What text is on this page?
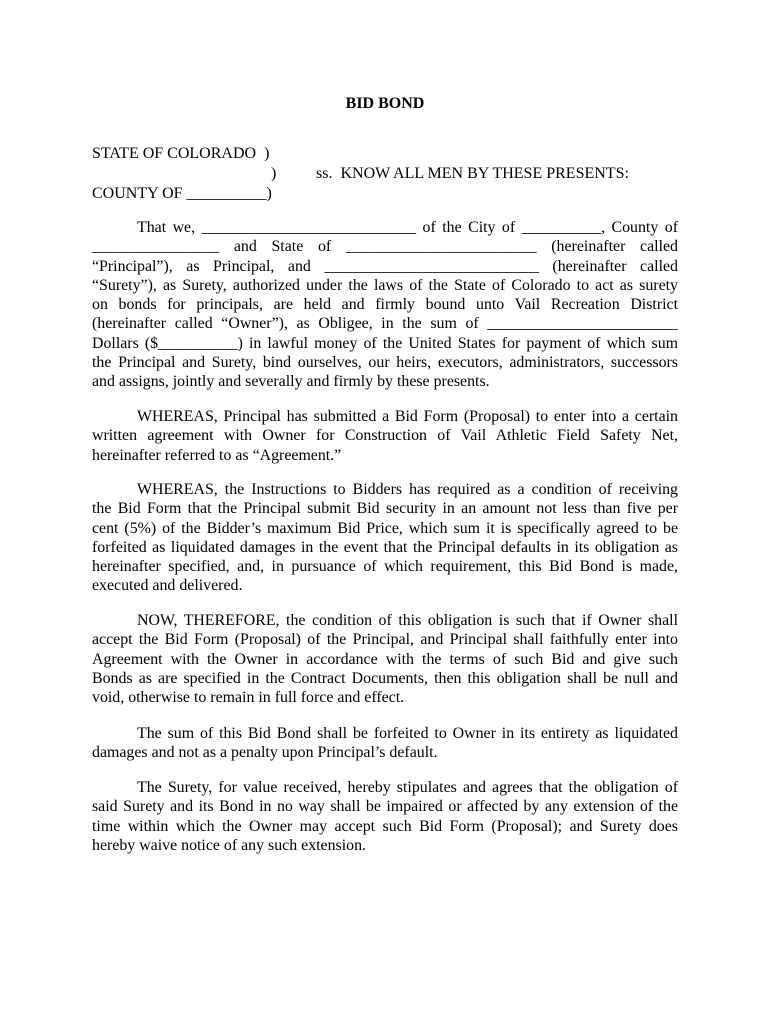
BID BOND
STATE OF COLORADO  )
) ss.  KNOW ALL MEN BY THESE PRESENTS:
COUNTY OF __________)
That we, ___________________________ of the City of __________, County of
________________ and State of ________________________ (hereinafter called
“Principal”), as Principal, and ___________________________ (hereinafter called
“Surety”), as Surety, authorized under the laws of the State of Colorado to act as surety
on bonds for principals, are held and firmly bound unto Vail Recreation District
(hereinafter called “Owner”), as Obligee, in the sum of ________________________
Dollars ($__________) in lawful money of the United States for payment of which sum
the Principal and Surety, bind ourselves, our heirs, executors, administrators, successors
and assigns, jointly and severally and firmly by these presents.
WHEREAS, Principal has submitted a Bid Form (Proposal) to enter into a certain
written agreement with Owner for Construction of Vail Athletic Field Safety Net,
hereinafter referred to as “Agreement.”
WHEREAS, the Instructions to Bidders has required as a condition of receiving
the Bid Form that the Principal submit Bid security in an amount not less than five per
cent (5%) of the Bidder’s maximum Bid Price, which sum it is specifically agreed to be
forfeited as liquidated damages in the event that the Principal defaults in its obligation as
hereinafter specified, and, in pursuance of which requirement, this Bid Bond is made,
executed and delivered.
NOW, THEREFORE, the condition of this obligation is such that if Owner shall
accept the Bid Form (Proposal) of the Principal, and Principal shall faithfully enter into
Agreement with the Owner in accordance with the terms of such Bid and give such
Bonds as are specified in the Contract Documents, then this obligation shall be null and
void, otherwise to remain in full force and effect.
The sum of this Bid Bond shall be forfeited to Owner in its entirety as liquidated
damages and not as a penalty upon Principal’s default.
The Surety, for value received, hereby stipulates and agrees that the obligation of
said Surety and its Bond in no way shall be impaired or affected by any extension of the
time within which the Owner may accept such Bid Form (Proposal); and Surety does
hereby waive notice of any such extension.
